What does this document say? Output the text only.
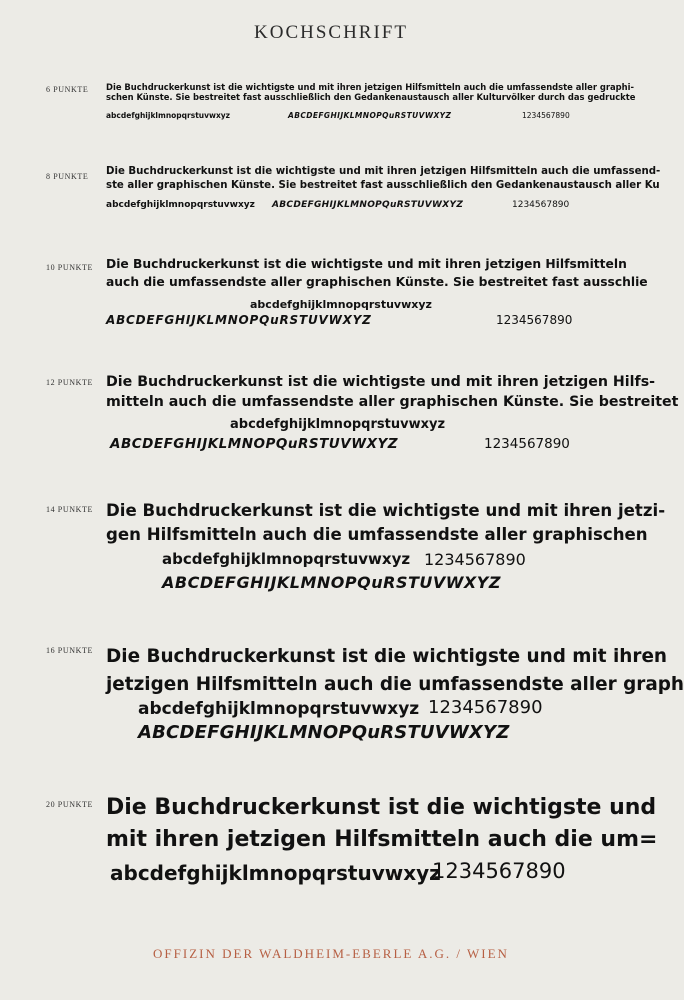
KOCHSCHRIFT
6 PUNKTE Die Buchdruckerkunst ist die wichtigste und mit ihren jetzigen Hilfsmitteln auch die umfassendste aller graphi-
schen Künste. Sie bestreitet fast ausschließlich den Gedankenaustausch aller Kulturvölker durch das gedruckte
abcdefghijklmnopqrstuvwxyz	ABCDEFGHIJKLMNOPQuRSTUVWXYZ	1234567890
8 PUNKTE Die Buchdruckerkunst ist die wichtigste und mit ihren jetzigen Hilfsmitteln auch die umfassend-
ste aller graphischen Künste. Sie bestreitet fast ausschließlich den Gedankenaustausch aller Ku
abcdefghijklmnopqrstuvwxyz ABCDEFGHIJKLMNOPQuRSTUVWXYZ	1234567890
10 PUNKTE Die Buchdruckerkunst ist die wichtigste und mit ihren jetzigen Hilfsmitteln
auch die umfassendste aller graphischen Künste. Sie bestreitet fast ausschlie
abcdefghijklmnopqrstuvwxyz
ABCDEFGHIJKLMNOPQuRSTUVWXYZ	1234567890
12 PUNKTE Die Buchdruckerkunst ist die wichtigste und mit ihren jetzigen Hilfs-
mitteln auch die umfassendste aller graphischen Künste. Sie bestreitet
abcdefghijklmnopqrstuvwxyz
ABCDEFGHIJKLMNOPQuRSTUVWXYZ	1234567890
14 PUNKTE Die Buchdruckerkunst ist die wichtigste und mit ihren jetzi-
gen Hilfsmitteln auch die umfassendste aller graphischen
abcdefghijklmnopqrstuvwxyz 1234567890
ABCDEFGHIJKLMNOPQuRSTUVWXYZ
16 PUNKTE Die Buchdruckerkunst ist die wichtigste und mit ihren
jetzigen Hilfsmitteln auch die umfassendste aller graph
abcdefghijklmnopqrstuvwxyz 1234567890
ABCDEFGHIJKLMNOPQuRSTUVWXYZ
20 PUNKTE Die Buchdruckerkunst ist die wichtigste und
mit ihren jetzigen Hilfsmitteln auch die um=
abcdefghijklmnopqrstuvwxyz
1234567890
OFFIZIN DER WALDHEIM-EBERLE A.G. / WIEN
